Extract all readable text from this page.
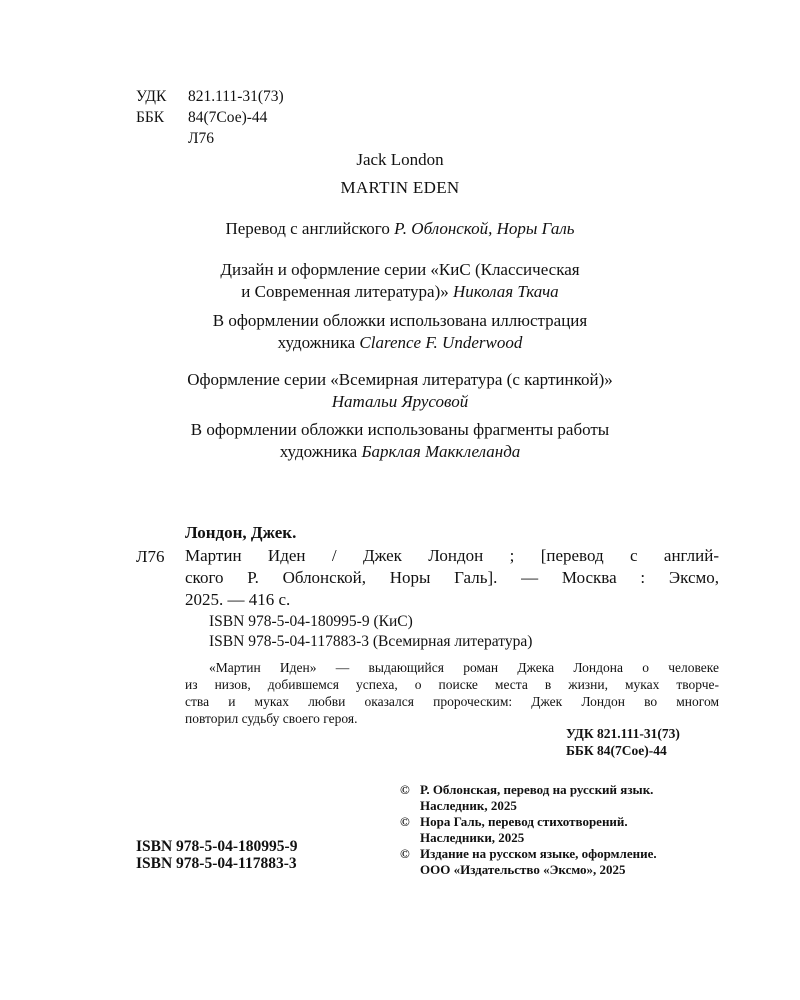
УДК 821.111-31(73)
ББК 84(7Сое)-44
Л76
Jack London
MARTIN EDEN
Перевод с английского Р. Облонской, Норы Галь
Дизайн и оформление серии «КиС (Классическая
и Современная литература)» Николая Ткача
В оформлении обложки использована иллюстрация
художника Clarence F. Underwood
Оформление серии «Всемирная литература (с картинкой)»
Натальи Ярусовой
В оформлении обложки использованы фрагменты работы
художника Барклая Макклеланда
Лондон, Джек.
Л76 Мартин Иден / Джек Лондон ; [перевод с англий-
ского Р. Облонской, Норы Галь]. — Москва : Эксмо,
2025. — 416 с.
ISBN 978-5-04-180995-9 (КиС)
ISBN 978-5-04-117883-3 (Всемирная литература)
«Мартин Иден» — выдающийся роман Джека Лондона о человеке
из низов, добившемся успеха, о поиске места в жизни, муках творче-
ства и муках любви оказался пророческим: Джек Лондон во многом
повторил судьбу своего героя.
УДК 821.111-31(73)
ББК 84(7Сое)-44
ISBN 978-5-04-180995-9
ISBN 978-5-04-117883-3
© Р. Облонская, перевод на русский язык.
Наследник, 2025
© Нора Галь, перевод стихотворений.
Наследники, 2025
© Издание на русском языке, оформление.
ООО «Издательство «Эксмо», 2025
